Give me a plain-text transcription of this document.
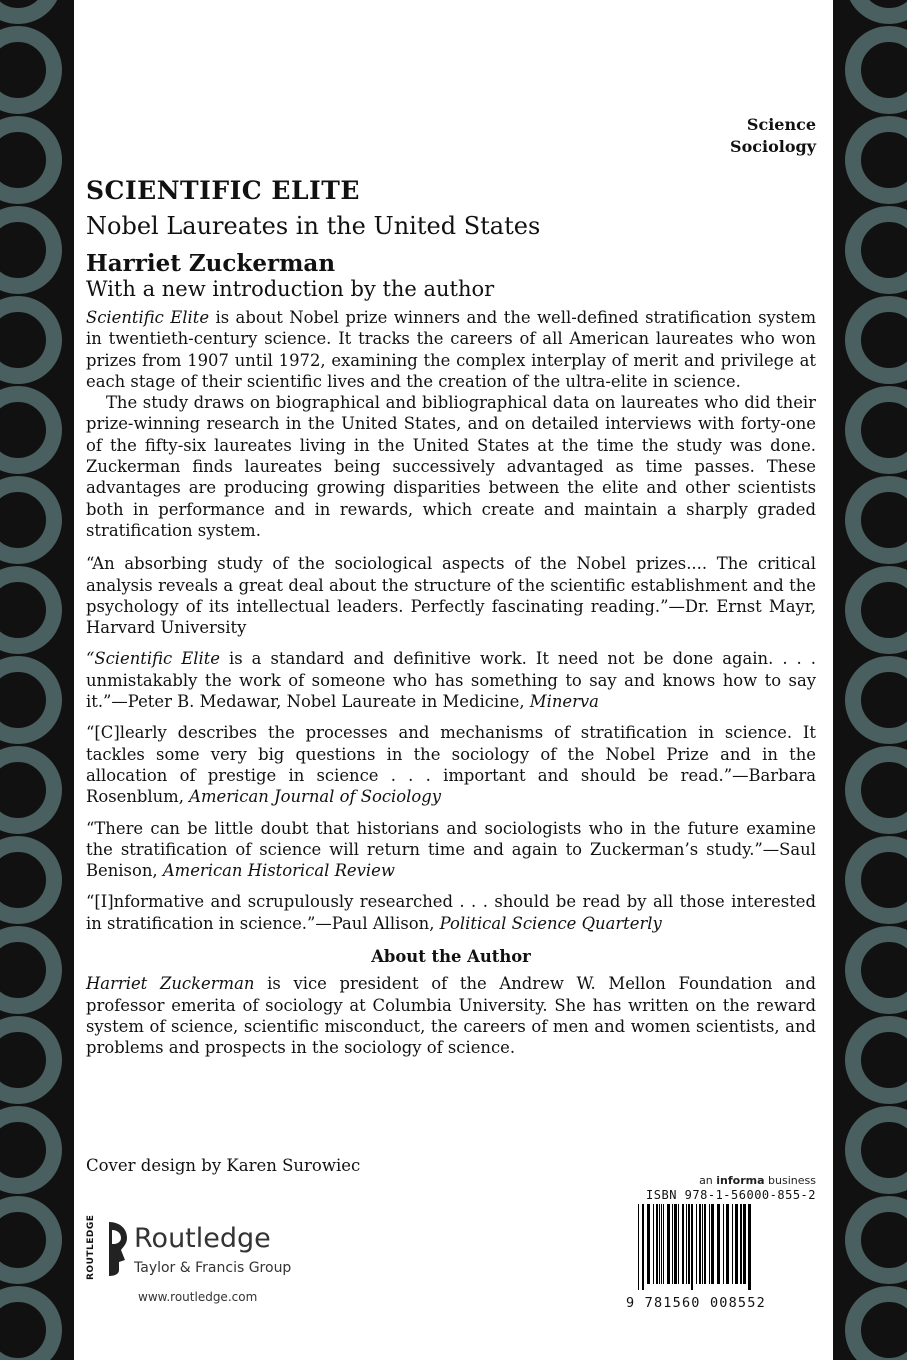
Science
Sociology
SCIENTIFIC ELITE
Nobel Laureates in the United States
Harriet Zuckerman
With a new introduction by the author

Scientific Elite is about Nobel prize winners and the well-defined stratification system in twentieth-century science. It tracks the careers of all American laureates who won prizes from 1907 until 1972, examining the complex interplay of merit and privilege at each stage of their scientific lives and the creation of the ultra-elite in science.

The study draws on biographical and bibliographical data on laureates who did their prize-winning research in the United States, and on detailed interviews with forty-one of the fifty-six laureates living in the United States at the time the study was done. Zuckerman finds laureates being successively advantaged as time passes. These advantages are producing growing disparities between the elite and other scientists both in performance and in rewards, which create and maintain a sharply graded stratification system.

“An absorbing study of the sociological aspects of the Nobel prizes.... The critical analysis reveals a great deal about the structure of the scientific establishment and the psychology of its intellectual leaders. Perfectly fascinating reading.”—Dr. Ernst Mayr, Harvard University

“Scientific Elite is a standard and definitive work. It need not be done again. . . . unmistakably the work of someone who has something to say and knows how to say it.”—Peter B. Medawar, Nobel Laureate in Medicine, Minerva

“[C]learly describes the processes and mechanisms of stratification in science. It tackles some very big questions in the sociology of the Nobel Prize and in the allocation of prestige in science . . . important and should be read.”—Barbara Rosenblum, American Journal of Sociology

“There can be little doubt that historians and sociologists who in the future examine the stratification of science will return time and again to Zuckerman’s study.”—Saul Benison, American Historical Review

“[I]nformative and scrupulously researched . . . should be read by all those interested in stratification in science.”—Paul Allison, Political Science Quarterly

About the Author

Harriet Zuckerman is vice president of the Andrew W. Mellon Foundation and professor emerita of sociology at Columbia University. She has written on the reward system of science, scientific misconduct, the careers of men and women scientists, and problems and prospects in the sociology of science.

Cover design by Karen Surowiec
ROUTLEDGE Routledge
Taylor & Francis Group
www.routledge.com
an informa business
ISBN 978-1-56000-855-2
9 781560 008552
